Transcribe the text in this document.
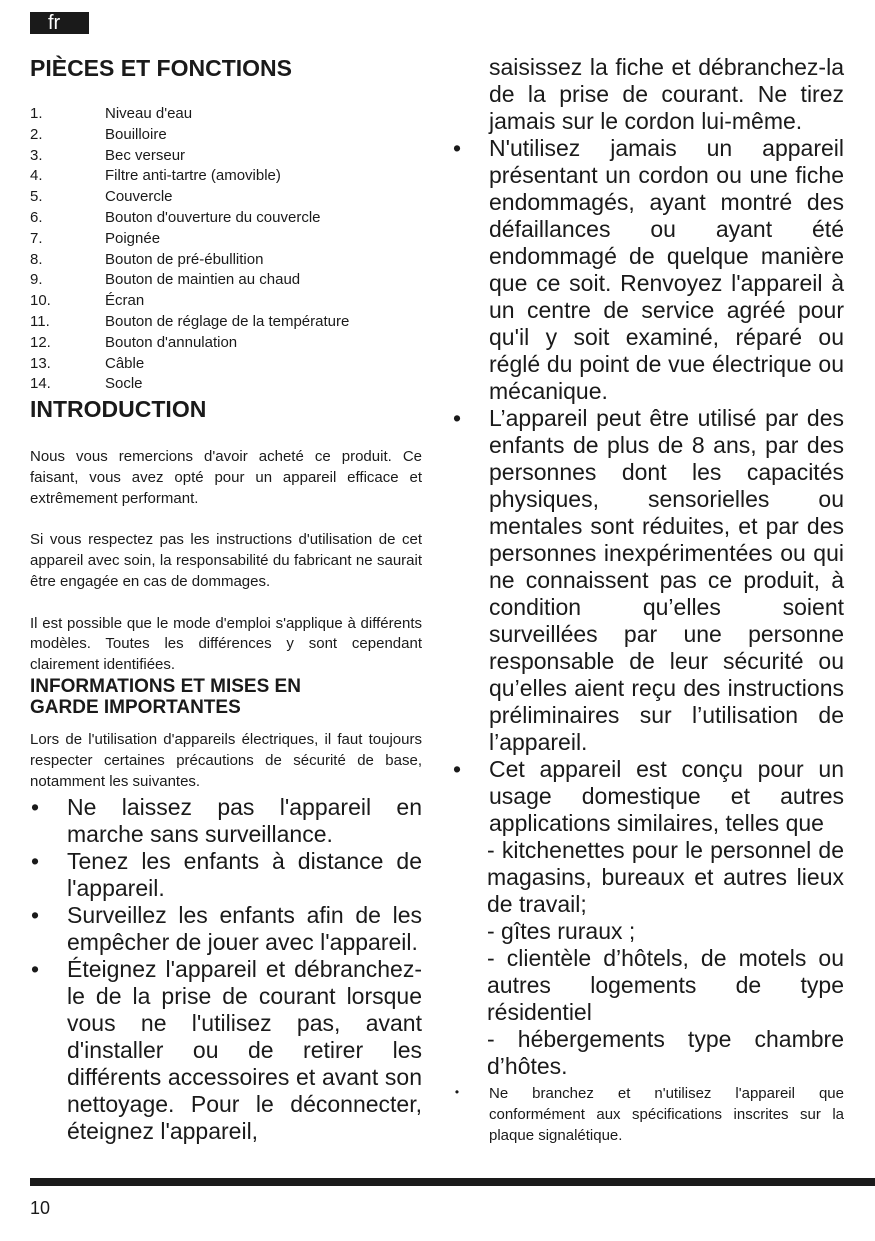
fr
PIÈCES ET FONCTIONS
1.	Niveau d'eau
2.	Bouilloire
3.	Bec verseur
4.	Filtre anti-tartre (amovible)
5.	Couvercle
6.	Bouton d'ouverture du couvercle
7.	Poignée
8.	Bouton de pré-ébullition
9.	Bouton de maintien au chaud
10.	Écran
11.	Bouton de réglage de la température
12.	Bouton d'annulation
13.	Câble
14.	Socle
INTRODUCTION

Nous vous remercions d'avoir acheté ce produit. Ce faisant, vous avez opté pour un appareil efficace et extrêmement performant.

Si vous respectez pas les instructions d'utilisation de cet appareil avec soin, la responsabilité du fabricant ne saurait être engagée en cas de dommages.

Il est possible que le mode d'emploi s'applique à différents modèles. Toutes les différences y sont cependant clairement identifiées.

INFORMATIONS ET MISES EN
GARDE IMPORTANTES

Lors de l'utilisation d'appareils électriques, il faut toujours respecter certaines précautions de sécurité de base, notamment les suivantes.

• Ne laissez pas l'appareil en marche sans surveillance.
• Tenez les enfants à distance de l'appareil.
• Surveillez les enfants afin de les empêcher de jouer avec l'appareil.
• Éteignez l'appareil et débranchez-le de la prise de courant lorsque vous ne l'utilisez pas, avant d'installer ou de retirer les différents accessoires et avant son nettoyage. Pour le déconnecter, éteignez l'appareil,
saisissez la fiche et débranchez-la de la prise de courant. Ne tirez jamais sur le cordon lui-même.
• N'utilisez jamais un appareil présentant un cordon ou une fiche endommagés, ayant montré des défaillances ou ayant été endommagé de quelque manière que ce soit. Renvoyez l'appareil à un centre de service agréé pour qu'il y soit examiné, réparé ou réglé du point de vue électrique ou mécanique.
• L’appareil peut être utilisé par des enfants de plus de 8 ans, par des personnes dont les capacités physiques, sensorielles ou mentales sont réduites, et par des personnes inexpérimentées ou qui ne connaissent pas ce produit, à condition qu’elles soient surveillées par une personne responsable de leur sécurité ou qu’elles aient reçu des instructions préliminaires sur l’utilisation de l’appareil.
• Cet appareil est conçu pour un usage domestique et autres applications similaires, telles que
- kitchenettes pour le personnel de magasins, bureaux et autres lieux de travail;
- gîtes ruraux ;
- clientèle d’hôtels, de motels ou autres logements de type résidentiel
- hébergements type chambre d’hôtes.
• Ne branchez et n'utilisez l'appareil que conformément aux spécifications inscrites sur la plaque signalétique.
10
